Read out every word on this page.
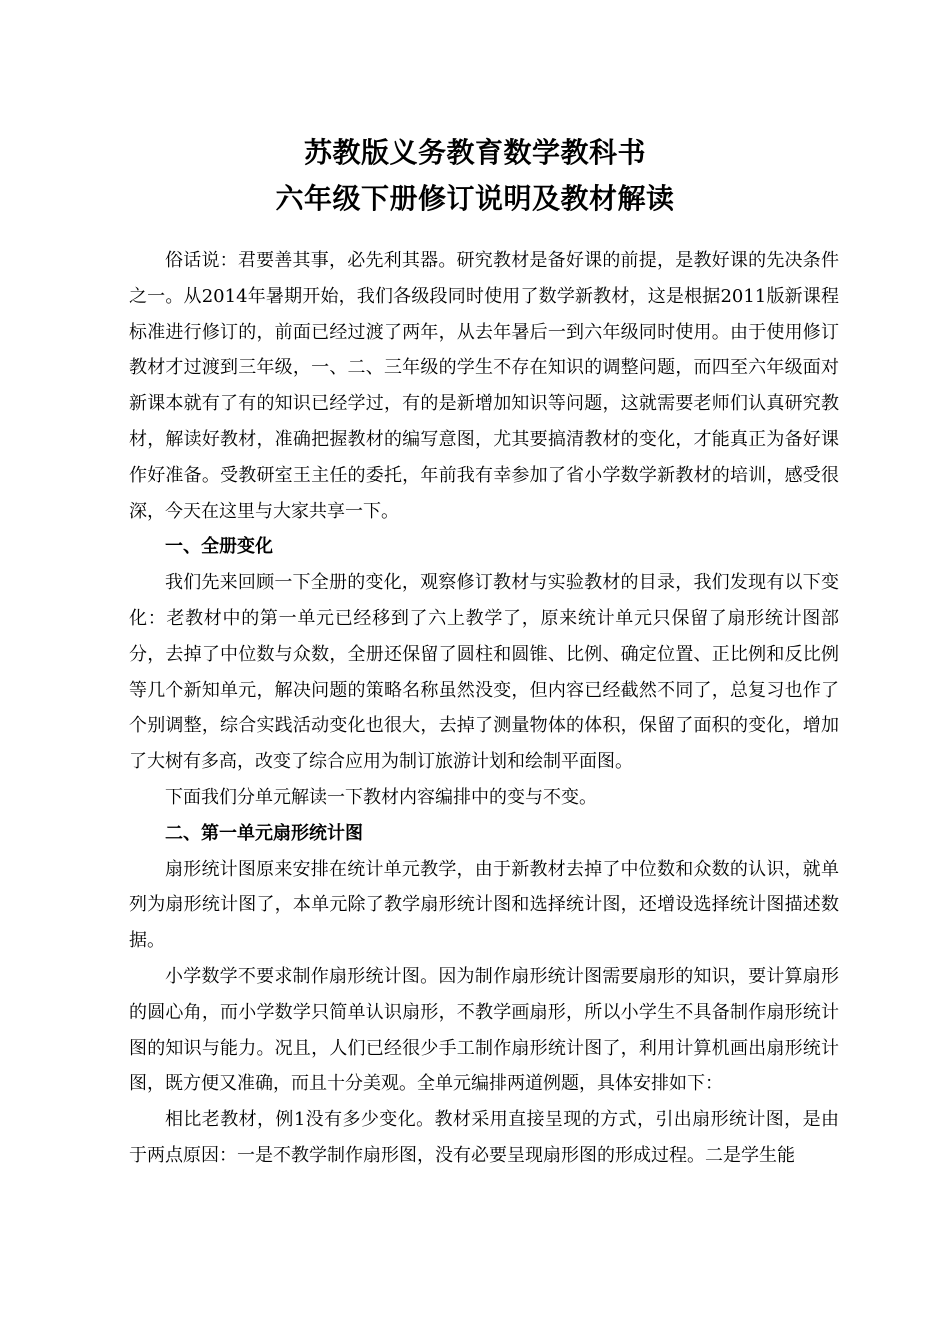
苏教版义务教育数学教科书
六年级下册修订说明及教材解读

俗话说：君要善其事，必先利其器。研究教材是备好课的前提，是教好课的先决条件之一。从2014年暑期开始，我们各级段同时使用了数学新教材，这是根据2011版新课程标准进行修订的，前面已经过渡了两年，从去年暑后一到六年级同时使用。由于使用修订教材才过渡到三年级，一、二、三年级的学生不存在知识的调整问题，而四至六年级面对新课本就有了有的知识已经学过，有的是新增加知识等问题，这就需要老师们认真研究教材，解读好教材，准确把握教材的编写意图，尤其要搞清教材的变化，才能真正为备好课作好准备。受教研室王主任的委托，年前我有幸参加了省小学数学新教材的培训，感受很深，今天在这里与大家共享一下。

一、全册变化

我们先来回顾一下全册的变化，观察修订教材与实验教材的目录，我们发现有以下变化：老教材中的第一单元已经移到了六上教学了，原来统计单元只保留了扇形统计图部分，去掉了中位数与众数，全册还保留了圆柱和圆锥、比例、确定位置、正比例和反比例等几个新知单元，解决问题的策略名称虽然没变，但内容已经截然不同了，总复习也作了个别调整，综合实践活动变化也很大，去掉了测量物体的体积，保留了面积的变化，增加了大树有多高，改变了综合应用为制订旅游计划和绘制平面图。

下面我们分单元解读一下教材内容编排中的变与不变。

二、第一单元扇形统计图

扇形统计图原来安排在统计单元教学，由于新教材去掉了中位数和众数的认识，就单列为扇形统计图了，本单元除了教学扇形统计图和选择统计图，还增设选择统计图描述数据。

小学数学不要求制作扇形统计图。因为制作扇形统计图需要扇形的知识，要计算扇形的圆心角，而小学数学只简单认识扇形，不教学画扇形，所以小学生不具备制作扇形统计图的知识与能力。况且，人们已经很少手工制作扇形统计图了，利用计算机画出扇形统计图，既方便又准确，而且十分美观。全单元编排两道例题，具体安排如下：

相比老教材，例1没有多少变化。教材采用直接呈现的方式，引出扇形统计图，是由于两点原因：一是不教学制作扇形图，没有必要呈现扇形图的形成过程。二是学生能
